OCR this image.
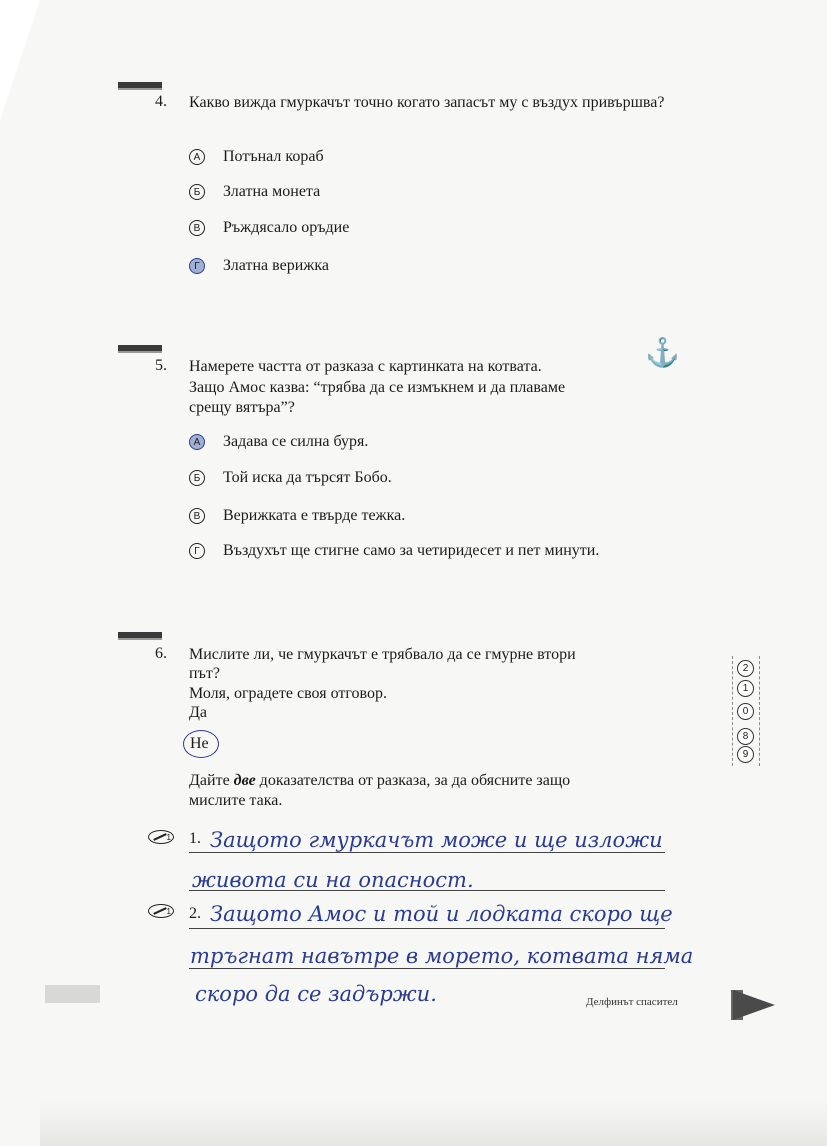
4. Какво вижда гмуркачът точно когато запасът му с въздух привършва?
А Потънал кораб
Б Златна монета
В Ръждясало оръдие
Г	Златна верижка
5. Намерете частта от разказа с картинката на котвата.
Защо Амос казва: “трябва да се измъкнем и да плаваме
срещу вятъра”?
⚓
А Задава се силна буря.
Б Той иска да търсят Бобо.
В Верижката е твърде тежка.
Г	Въздухът ще стигне само за четиридесет и пет минути.
6. Мислите ли, че гмуркачът е трябвало да се гмурне втори
път?
Моля, оградете своя отговор.
Да
Не
Дайте две доказателства от разказа, за да обясните защо
мислите така.
1 1. Защото гмуркачът може и ще изложи
живота си на опасност.
1 2. Защото Амос и той и лодката скоро ще
тръгнат навътре в морето, котвата няма
скоро да се задържи.
2
1
0
8
9
Делфинът спасител
